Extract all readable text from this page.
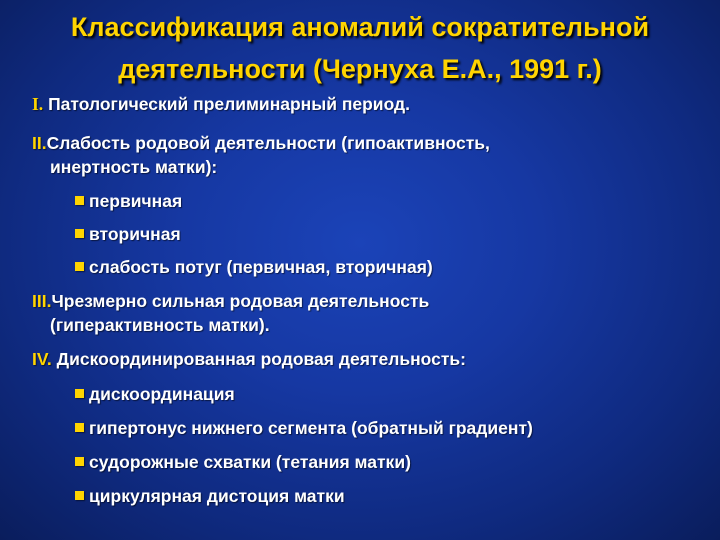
Классификация аномалий сократительной
деятельности (Чернуха Е.А., 1991 г.)
I. Патологический прелиминарный период.
II.Слабость родовой деятельности (гипоактивность,
инертность матки):
первичная
вторичная
слабость потуг (первичная, вторичная)
III.Чрезмерно сильная родовая деятельность
(гиперактивность матки).
IV. Дискоординированная родовая деятельность:
дискоординация
гипертонус нижнего сегмента (обратный градиент)
судорожные схватки (тетания матки)
циркулярная дистоция матки
